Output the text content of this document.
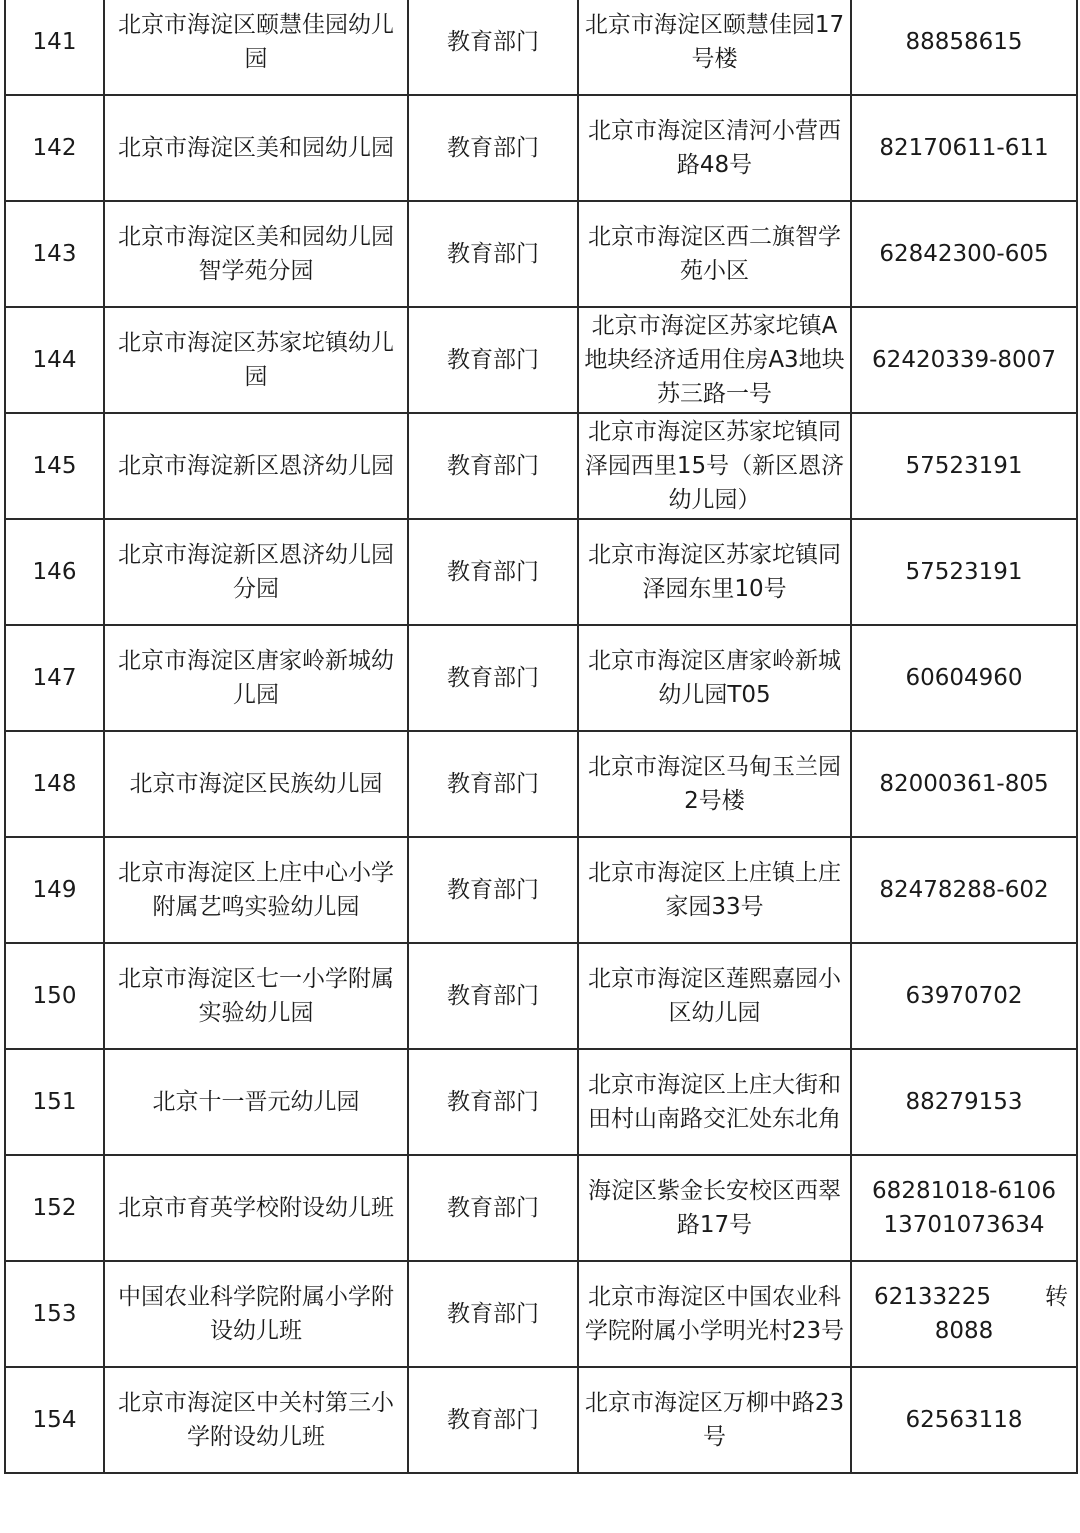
141	北京市海淀区颐慧佳园幼儿园	教育部门	北京市海淀区颐慧佳园17号楼	88858615

142	北京市海淀区美和园幼儿园	教育部门	北京市海淀区清河小营西路48号	82170611-611

143	北京市海淀区美和园幼儿园智学苑分园	教育部门	北京市海淀区西二旗智学苑小区	62842300-605

144	北京市海淀区苏家坨镇幼儿园	教育部门	北京市海淀区苏家坨镇A地块经济适用住房A3地块苏三路一号	62420339-8007

145	北京市海淀新区恩济幼儿园	教育部门	北京市海淀区苏家坨镇同泽园西里15号（新区恩济幼儿园）	57523191

146	北京市海淀新区恩济幼儿园分园	教育部门	北京市海淀区苏家坨镇同泽园东里10号	57523191

147	北京市海淀区唐家岭新城幼儿园	教育部门	北京市海淀区唐家岭新城幼儿园T05	60604960

148	北京市海淀区民族幼儿园	教育部门	北京市海淀区马甸玉兰园2号楼	82000361-805

149	北京市海淀区上庄中心小学附属艺鸣实验幼儿园	教育部门	北京市海淀区上庄镇上庄家园33号	82478288-602

150	北京市海淀区七一小学附属实验幼儿园	教育部门	北京市海淀区莲熙嘉园小区幼儿园	63970702

151	北京十一晋元幼儿园	教育部门	北京市海淀区上庄大街和田村山南路交汇处东北角	88279153

152	北京市育英学校附设幼儿班	教育部门	海淀区紫金长安校区西翠路17号	68281018-6106
13701073634

153	中国农业科学院附属小学附设幼儿班	教育部门	北京市海淀区中国农业科学院附属小学明光村23号	62133225 转
8088

154	北京市海淀区中关村第三小学附设幼儿班	教育部门	北京市海淀区万柳中路23号	62563118
